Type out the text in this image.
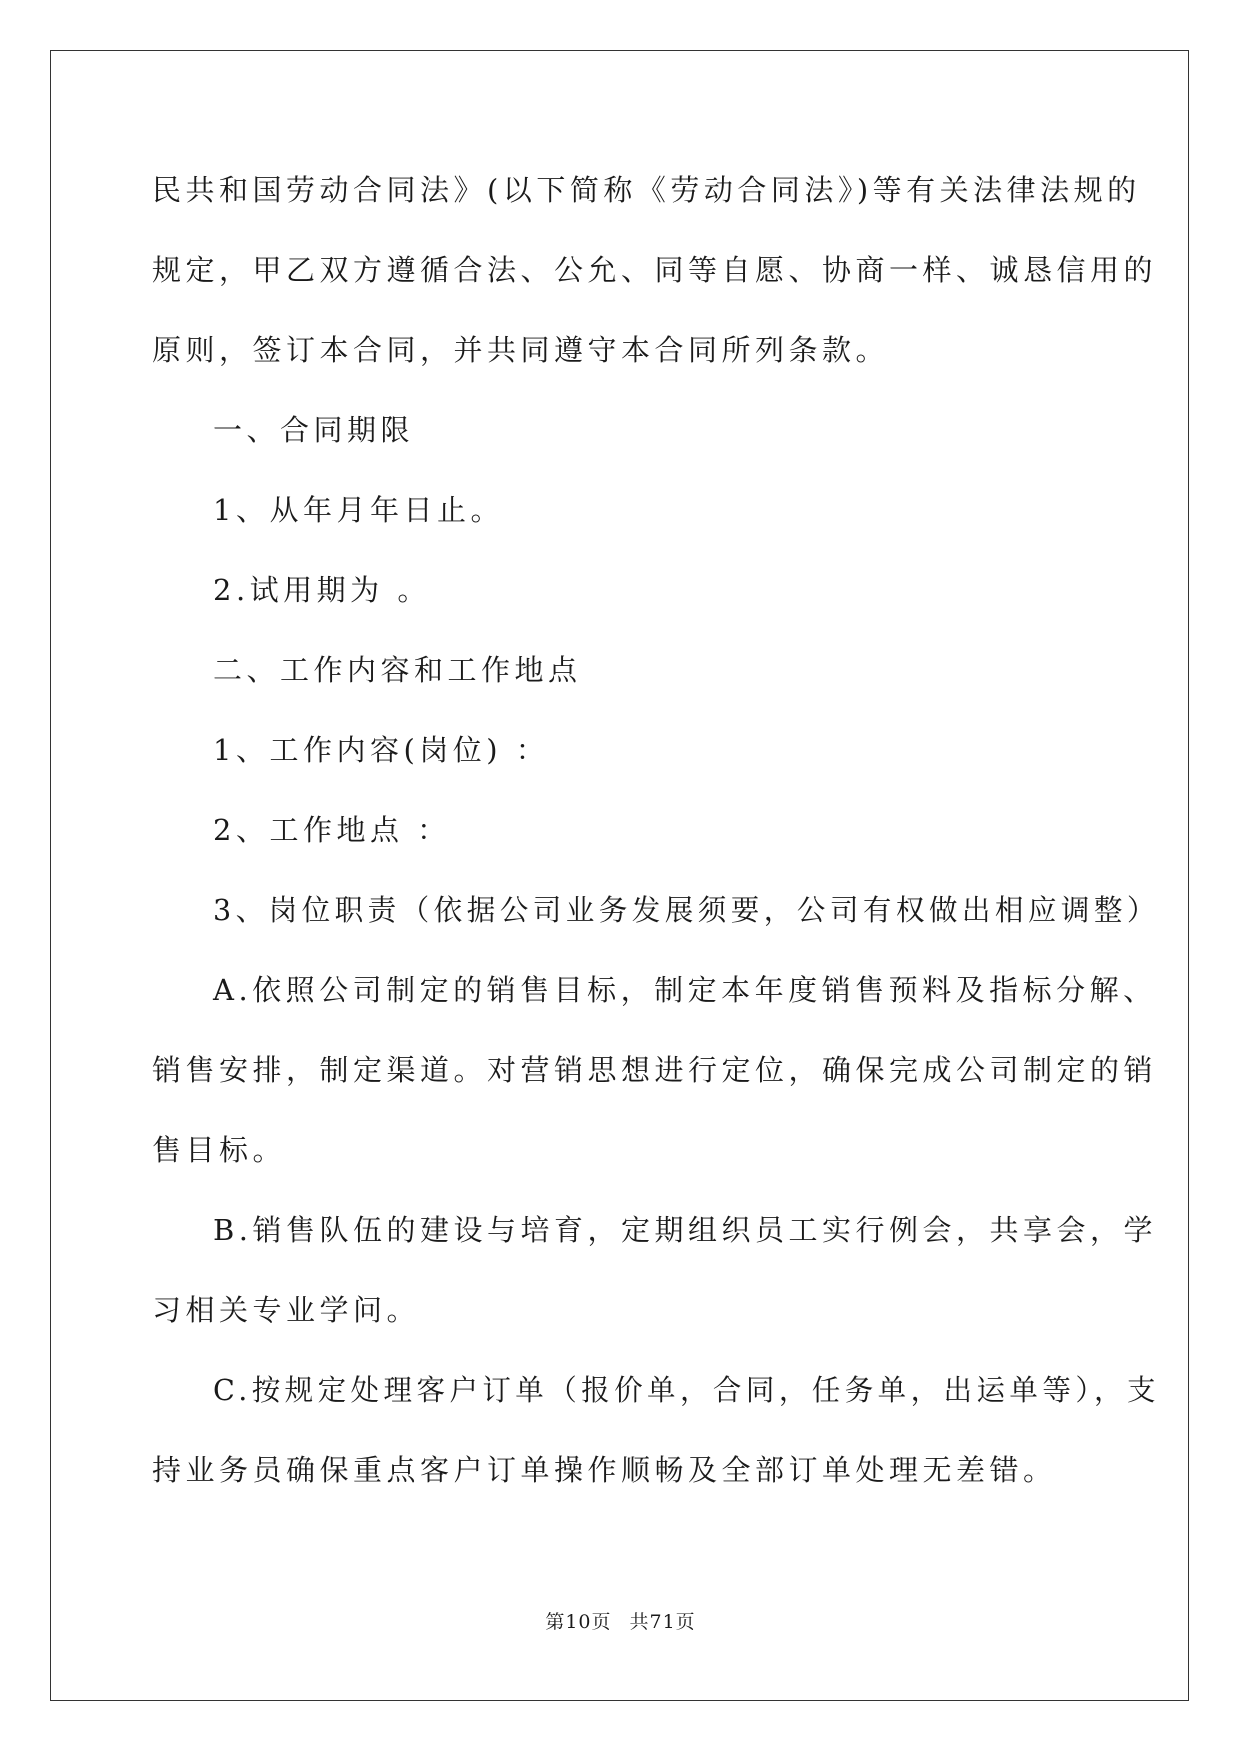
民共和国劳动合同法》(以下简称《劳动合同法》)等有关法律法规的
规定，甲乙双方遵循合法、公允、同等自愿、协商一样、诚恳信用的
原则，签订本合同，并共同遵守本合同所列条款。
一、合同期限
1、从年月年日止。
2.试用期为 。
二、工作内容和工作地点
1、工作内容(岗位) ：
2、工作地点 ：
3、岗位职责（依据公司业务发展须要，公司有权做出相应调整）
A.依照公司制定的销售目标，制定本年度销售预料及指标分解、
销售安排，制定渠道。对营销思想进行定位，确保完成公司制定的销
售目标。
B.销售队伍的建设与培育，定期组织员工实行例会，共享会，学
习相关专业学问。
C.按规定处理客户订单（报价单，合同，任务单，出运单等），支
持业务员确保重点客户订单操作顺畅及全部订单处理无差错。
第10页 共71页
